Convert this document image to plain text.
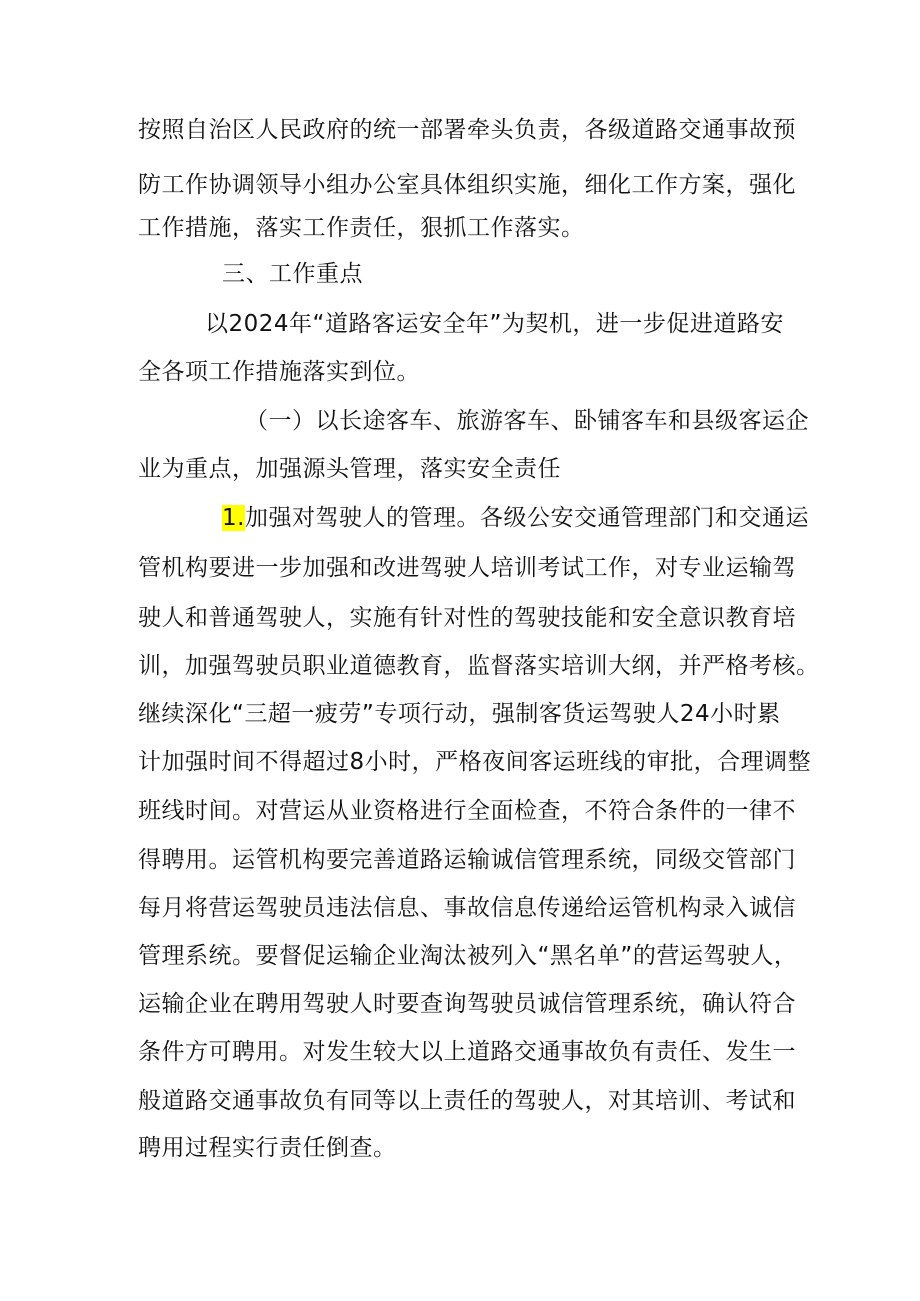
按照自治区人民政府的统一部署牵头负责，各级道路交通事故预
防工作协调领导小组办公室具体组织实施，细化工作方案，强化
工作措施，落实工作责任，狠抓工作落实。
三、工作重点
以2024年“道路客运安全年”为契机，进一步促进道路安
全各项工作措施落实到位。
（一）以长途客车、旅游客车、卧铺客车和县级客运企
业为重点，加强源头管理，落实安全责任
1.加强对驾驶人的管理。各级公安交通管理部门和交通运
管机构要进一步加强和改进驾驶人培训考试工作，对专业运输驾
驶人和普通驾驶人，实施有针对性的驾驶技能和安全意识教育培
训，加强驾驶员职业道德教育，监督落实培训大纲，并严格考核。
继续深化“三超一疲劳”专项行动，强制客货运驾驶人24小时累
计加强时间不得超过8小时，严格夜间客运班线的审批，合理调整
班线时间。对营运从业资格进行全面检查，不符合条件的一律不
得聘用。运管机构要完善道路运输诚信管理系统，同级交管部门
每月将营运驾驶员违法信息、事故信息传递给运管机构录入诚信
管理系统。要督促运输企业淘汰被列入“黑名单”的营运驾驶人，
运输企业在聘用驾驶人时要查询驾驶员诚信管理系统，确认符合
条件方可聘用。对发生较大以上道路交通事故负有责任、发生一
般道路交通事故负有同等以上责任的驾驶人，对其培训、考试和
聘用过程实行责任倒查。
